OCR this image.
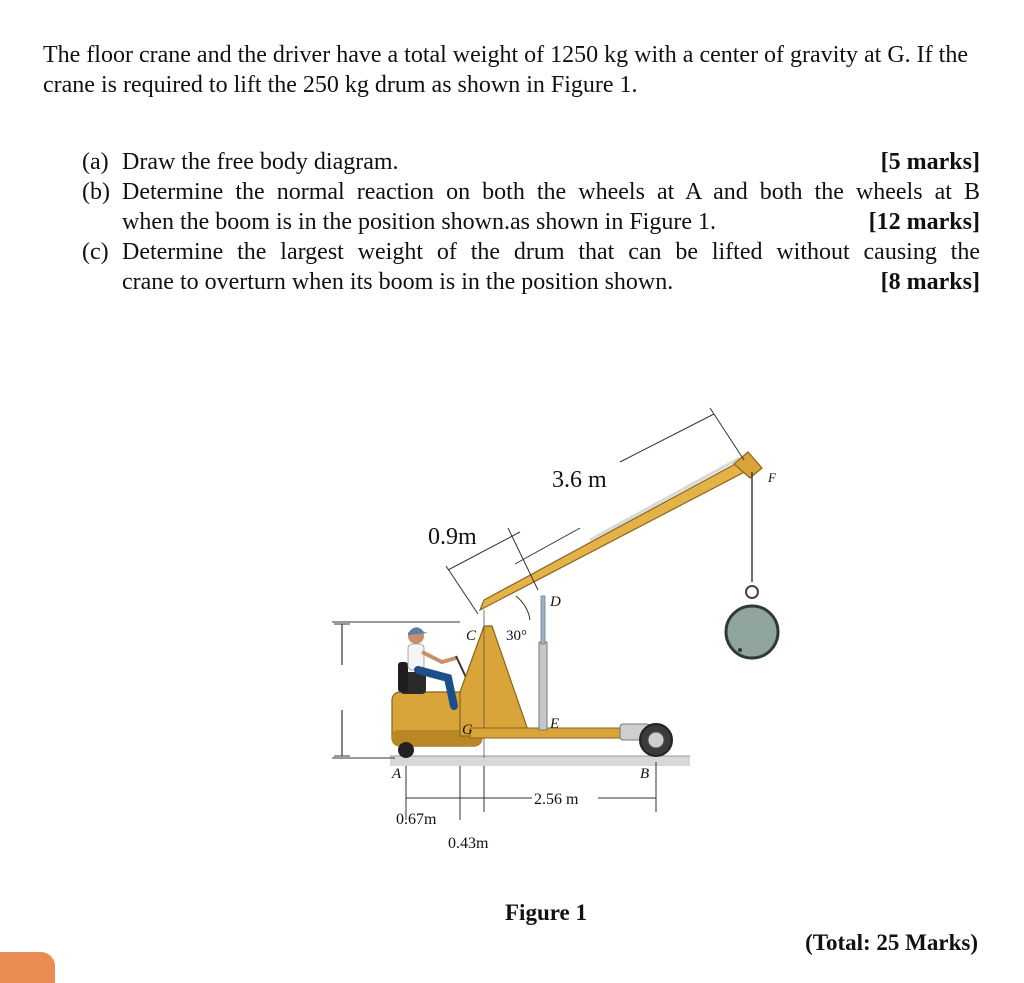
The floor crane and the driver have a total weight of 1250 kg with a center of gravity at G. If the crane is required to lift the 250 kg drum as shown in Figure 1.
(a) Draw the free body diagram.	[5 marks]
(b) Determine the normal reaction on both the wheels at A and both the wheels at B
when the boom is in the position shown.as shown in Figure 1.	[12 marks]
(c) Determine the largest weight of the drum that can be lifted without causing the
crane to overturn when its boom is in the position shown.	[8 marks]
3.6 m
0.9m
30°
F
D
C
E
G
A	B
0.67m
0.43m
2.56 m
Figure 1
(Total: 25 Marks)
